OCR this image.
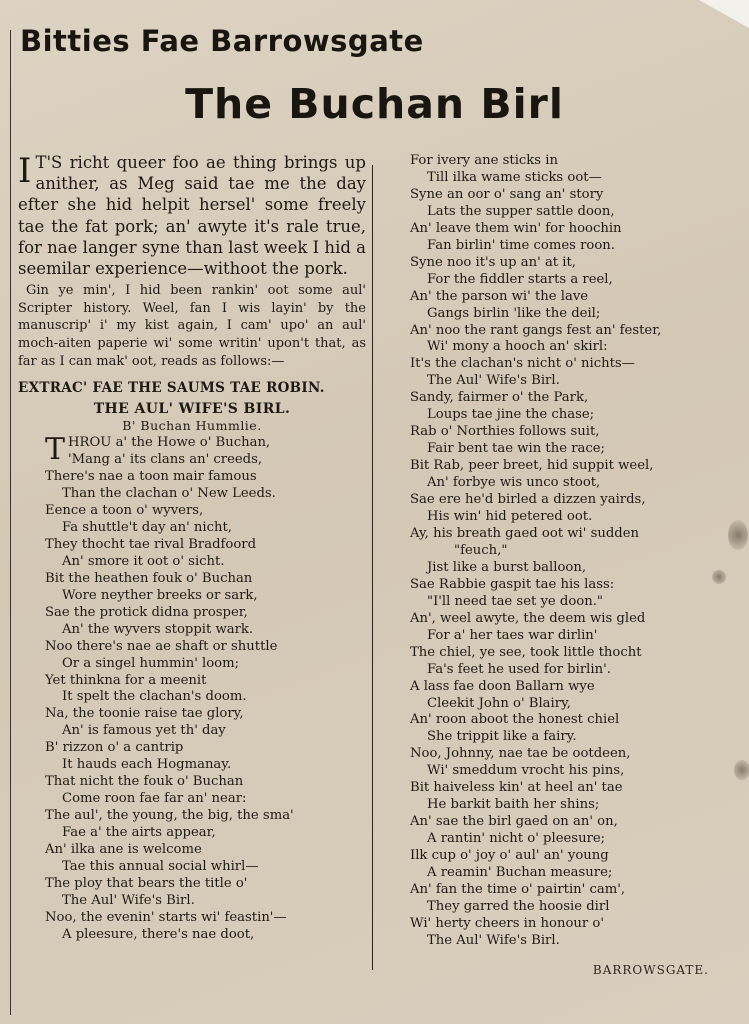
Bitties Fae Barrowsgate
The Buchan Birl

I T'S richt queer foo ae thing brings up anither, as Meg said tae me the day efter she hid helpit hersel' some freely tae the fat pork; an' awyte it's rale true, for nae langer syne than last week I hid a seemilar experience—withoot the pork.

Gin ye min', I hid been rankin' oot some aul' Scripter history. Weel, fan I wis layin' by the manuscrip' i' my kist again, I cam' upo' an aul' moch-aiten paperie wi' some writin' upon't that, as far as I can mak' oot, reads as follows:—

EXTRAC' FAE THE SAUMS TAE ROBIN.
THE AUL' WIFE'S BIRL.
B' Buchan Hummlie.
T HROU a' the Howe o' Buchan,
'Mang a' its clans an' creeds,
There's nae a toon mair famous
Than the clachan o' New Leeds.
Eence a toon o' wyvers,
Fa shuttle't day an' nicht,
They thocht tae rival Bradfoord
An' smore it oot o' sicht.
Bit the heathen fouk o' Buchan
Wore neyther breeks or sark,
Sae the protick didna prosper,
An' the wyvers stoppit wark.
Noo there's nae ae shaft or shuttle
Or a singel hummin' loom;
Yet thinkna for a meenit
It spelt the clachan's doom.
Na, the toonie raise tae glory,
An' is famous yet th' day
B' rizzon o' a cantrip
It hauds each Hogmanay.
That nicht the fouk o' Buchan
Come roon fae far an' near:
The aul', the young, the big, the sma'
Fae a' the airts appear,
An' ilka ane is welcome
Tae this annual social whirl—
The ploy that bears the title o'
The Aul' Wife's Birl.
Noo, the evenin' starts wi' feastin'—
A pleesure, there's nae doot,
For ivery ane sticks in
Till ilka wame sticks oot—
Syne an oor o' sang an' story
Lats the supper sattle doon,
An' leave them win' for hoochin
Fan birlin' time comes roon.
Syne noo it's up an' at it,
For the fiddler starts a reel,
An' the parson wi' the lave
Gangs birlin 'like the deil;
An' noo the rant gangs fest an' fester,
Wi' mony a hooch an' skirl:
It's the clachan's nicht o' nichts—
The Aul' Wife's Birl.
Sandy, fairmer o' the Park,
Loups tae jine the chase;
Rab o' Northies follows suit,
Fair bent tae win the race;
Bit Rab, peer breet, hid suppit weel,
An' forbye wis unco stoot,
Sae ere he'd birled a dizzen yairds,
His win' hid petered oot.
Ay, his breath gaed oot wi' sudden
"feuch,"
Jist like a burst balloon,
Sae Rabbie gaspit tae his lass:
"I'll need tae set ye doon."
An', weel awyte, the deem wis gled
For a' her taes war dirlin'
The chiel, ye see, took little thocht
Fa's feet he used for birlin'.
A lass fae doon Ballarn wye
Cleekit John o' Blairy,
An' roon aboot the honest chiel
She trippit like a fairy.
Noo, Johnny, nae tae be ootdeen,
Wi' smeddum vrocht his pins,
Bit haiveless kin' at heel an' tae
He barkit baith her shins;
An' sae the birl gaed on an' on,
A rantin' nicht o' pleesure;
Ilk cup o' joy o' aul' an' young
A reamin' Buchan measure;
An' fan the time o' pairtin' cam',
They garred the hoosie dirl
Wi' herty cheers in honour o'
The Aul' Wife's Birl.
BARROWSGATE.
